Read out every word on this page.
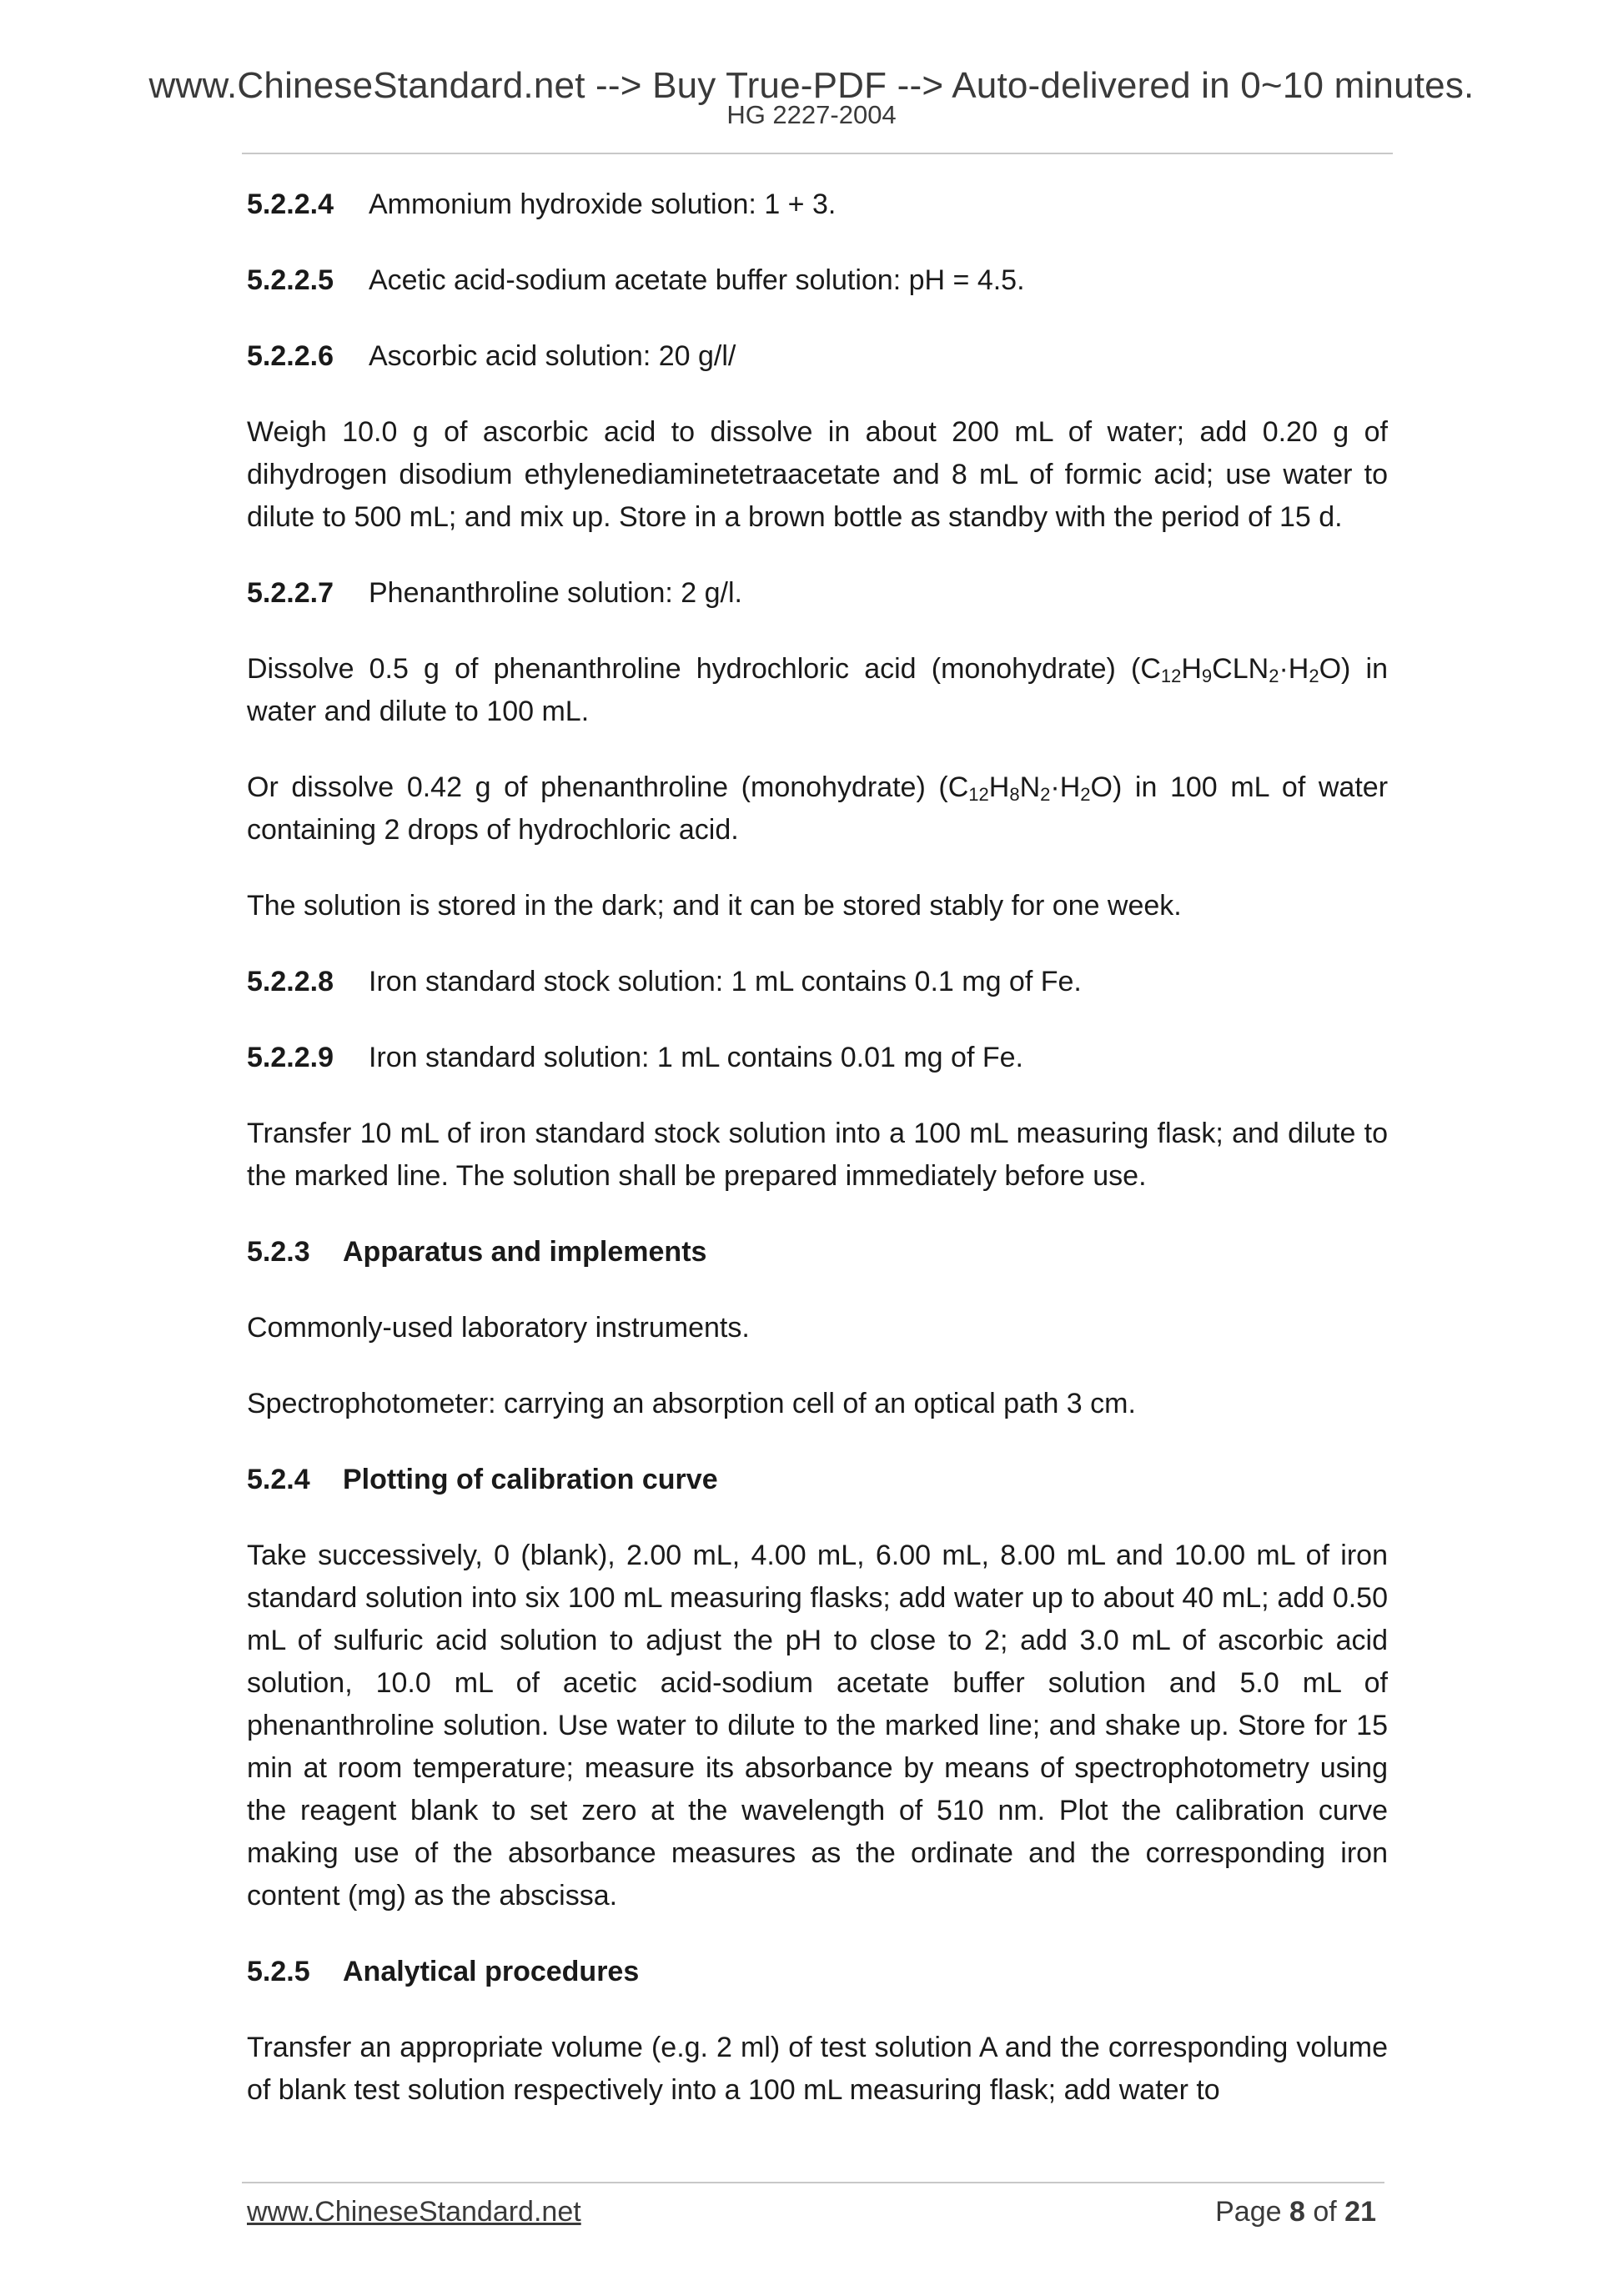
www.ChineseStandard.net --> Buy True-PDF --> Auto-delivered in 0~10 minutes.
HG 2227-2004

5.2.2.4 Ammonium hydroxide solution: 1 + 3.

5.2.2.5 Acetic acid-sodium acetate buffer solution: pH = 4.5.

5.2.2.6 Ascorbic acid solution: 20 g/l/

Weigh 10.0 g of ascorbic acid to dissolve in about 200 mL of water; add 0.20 g of dihydrogen disodium ethylenediaminetetraacetate and 8 mL of formic acid; use water to dilute to 500 mL; and mix up. Store in a brown bottle as standby with the period of 15 d.

5.2.2.7 Phenanthroline solution: 2 g/l.

Dissolve 0.5 g of phenanthroline hydrochloric acid (monohydrate) $(C_{12}H_9CLN_2\cdot H_2O)$ in water and dilute to 100 mL.

Or dissolve 0.42 g of phenanthroline (monohydrate) $(C_{12}H_8N_2\cdot H_2O)$ in 100 mL of water containing 2 drops of hydrochloric acid.

The solution is stored in the dark; and it can be stored stably for one week.

5.2.2.8 Iron standard stock solution: 1 mL contains 0.1 mg of Fe.

5.2.2.9 Iron standard solution: 1 mL contains 0.01 mg of Fe.

Transfer 10 mL of iron standard stock solution into a 100 mL measuring flask; and dilute to the marked line. The solution shall be prepared immediately before use.

5.2.3 Apparatus and implements

Commonly-used laboratory instruments.

Spectrophotometer: carrying an absorption cell of an optical path 3 cm.

5.2.4 Plotting of calibration curve

Take successively, 0 (blank), 2.00 mL, 4.00 mL, 6.00 mL, 8.00 mL and 10.00 mL of iron standard solution into six 100 mL measuring flasks; add water up to about 40 mL; add 0.50 mL of sulfuric acid solution to adjust the pH to close to 2; add 3.0 mL of ascorbic acid solution, 10.0 mL of acetic acid-sodium acetate buffer solution and 5.0 mL of phenanthroline solution. Use water to dilute to the marked line; and shake up. Store for 15 min at room temperature; measure its absorbance by means of spectrophotometry using the reagent blank to set zero at the wavelength of 510 nm. Plot the calibration curve making use of the absorbance measures as the ordinate and the corresponding iron content (mg) as the abscissa.

5.2.5 Analytical procedures

Transfer an appropriate volume (e.g. 2 ml) of test solution A and the corresponding volume of blank test solution respectively into a 100 mL measuring flask; add water to

www.ChineseStandard.net	Page 8 of 21
